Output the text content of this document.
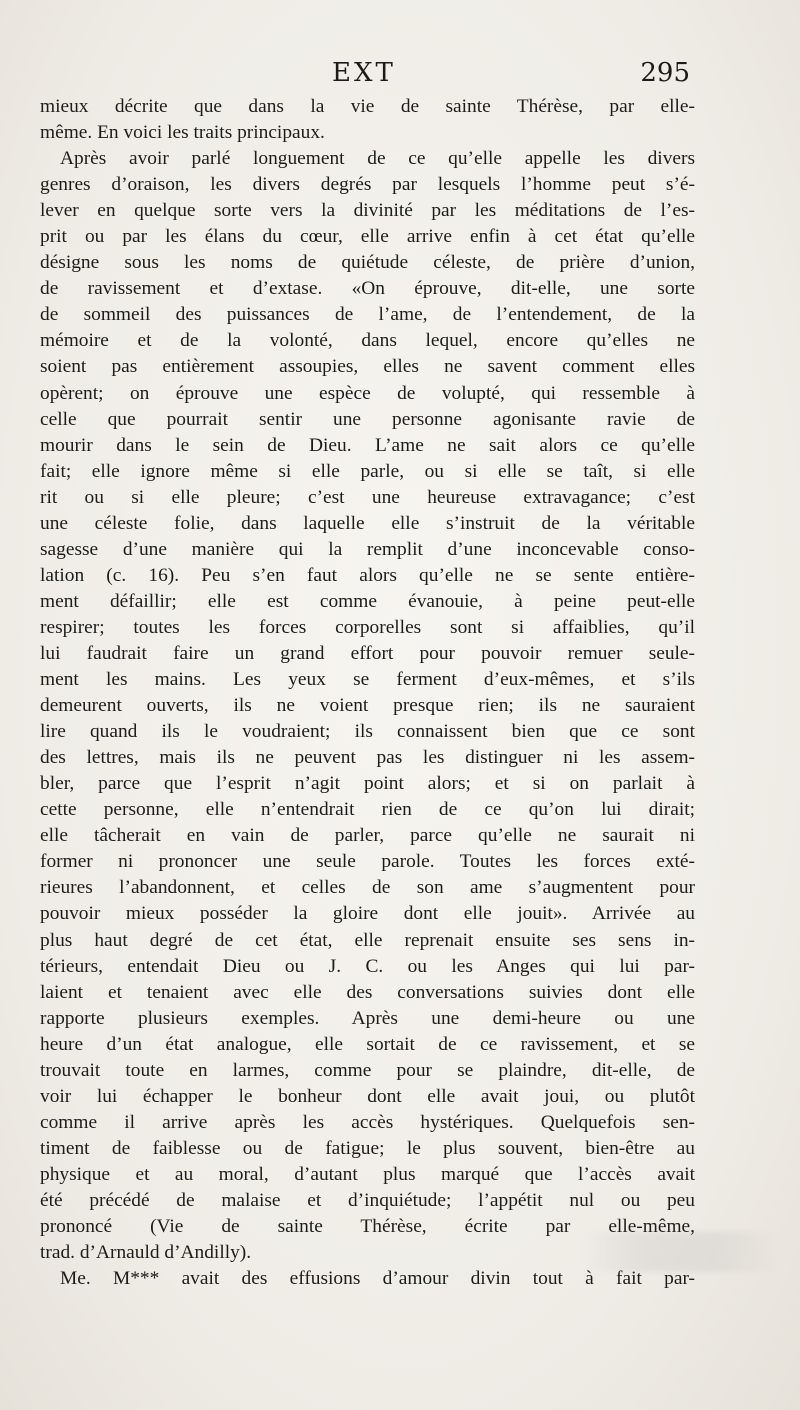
EXT	295
mieux décrite que dans la vie de sainte Thérèse, par elle-
même. En voici les traits principaux.
Après avoir parlé longuement de ce qu’elle appelle les divers
genres d’oraison, les divers degrés par lesquels l’homme peut s’é-
lever en quelque sorte vers la divinité par les méditations de l’es-
prit ou par les élans du cœur, elle arrive enfin à cet état qu’elle
désigne sous les noms de quiétude céleste, de prière d’union,
de ravissement et d’extase. «On éprouve, dit-elle, une sorte
de sommeil des puissances de l’ame, de l’entendement, de la
mémoire et de la volonté, dans lequel, encore qu’elles ne
soient pas entièrement assoupies, elles ne savent comment elles
opèrent; on éprouve une espèce de volupté, qui ressemble à
celle que pourrait sentir une personne agonisante ravie de
mourir dans le sein de Dieu. L’ame ne sait alors ce qu’elle
fait; elle ignore même si elle parle, ou si elle se taît, si elle
rit ou si elle pleure; c’est une heureuse extravagance; c’est
une céleste folie, dans laquelle elle s’instruit de la véritable
sagesse d’une manière qui la remplit d’une inconcevable conso-
lation (c. 16). Peu s’en faut alors qu’elle ne se sente entière-
ment défaillir; elle est comme évanouie, à peine peut-elle
respirer; toutes les forces corporelles sont si affaiblies, qu’il
lui faudrait faire un grand effort pour pouvoir remuer seule-
ment les mains. Les yeux se ferment d’eux-mêmes, et s’ils
demeurent ouverts, ils ne voient presque rien; ils ne sauraient
lire quand ils le voudraient; ils connaissent bien que ce sont
des lettres, mais ils ne peuvent pas les distinguer ni les assem-
bler, parce que l’esprit n’agit point alors; et si on parlait à
cette personne, elle n’entendrait rien de ce qu’on lui dirait;
elle tâcherait en vain de parler, parce qu’elle ne saurait ni
former ni prononcer une seule parole. Toutes les forces exté-
rieures l’abandonnent, et celles de son ame s’augmentent pour
pouvoir mieux posséder la gloire dont elle jouit». Arrivée au
plus haut degré de cet état, elle reprenait ensuite ses sens in-
térieurs, entendait Dieu ou J. C. ou les Anges qui lui par-
laient et tenaient avec elle des conversations suivies dont elle
rapporte plusieurs exemples. Après une demi-heure ou une
heure d’un état analogue, elle sortait de ce ravissement, et se
trouvait toute en larmes, comme pour se plaindre, dit-elle, de
voir lui échapper le bonheur dont elle avait joui, ou plutôt
comme il arrive après les accès hystériques. Quelquefois sen-
timent de faiblesse ou de fatigue; le plus souvent, bien-être au
physique et au moral, d’autant plus marqué que l’accès avait
été précédé de malaise et d’inquiétude; l’appétit nul ou peu
prononcé (Vie de sainte Thérèse, écrite par elle-même,
trad. d’Arnauld d’Andilly).
Me. M*** avait des effusions d’amour divin tout à fait par-
